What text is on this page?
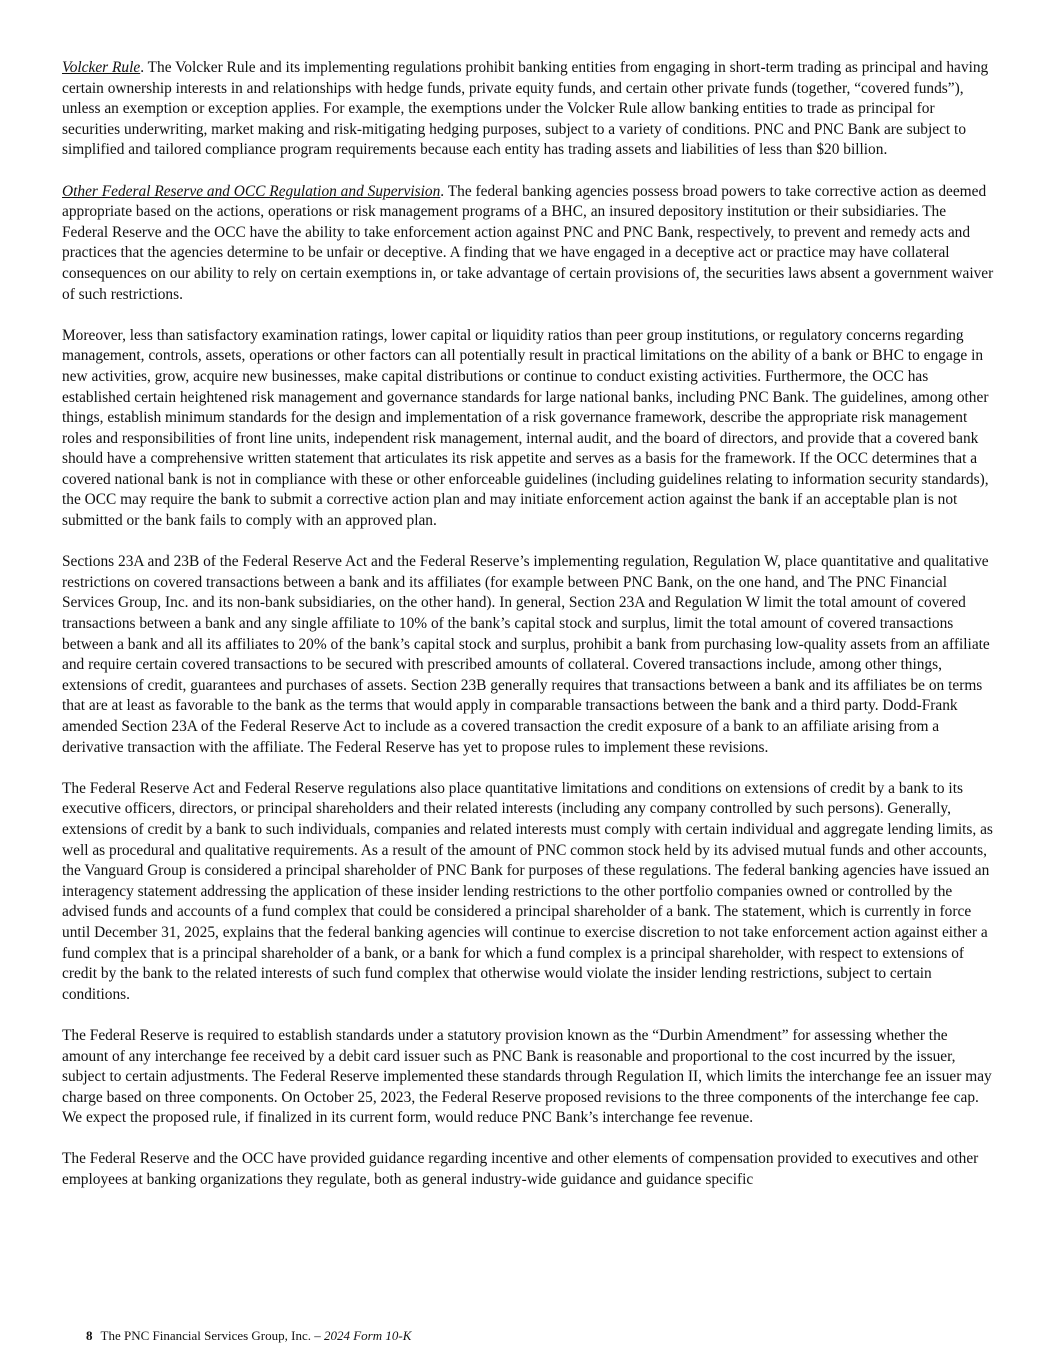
Volcker Rule. The Volcker Rule and its implementing regulations prohibit banking entities from engaging in short-term trading as principal and having certain ownership interests in and relationships with hedge funds, private equity funds, and certain other private funds (together, “covered funds”), unless an exemption or exception applies. For example, the exemptions under the Volcker Rule allow banking entities to trade as principal for securities underwriting, market making and risk-mitigating hedging purposes, subject to a variety of conditions. PNC and PNC Bank are subject to simplified and tailored compliance program requirements because each entity has trading assets and liabilities of less than $20 billion.

Other Federal Reserve and OCC Regulation and Supervision. The federal banking agencies possess broad powers to take corrective action as deemed appropriate based on the actions, operations or risk management programs of a BHC, an insured depository institution or their subsidiaries. The Federal Reserve and the OCC have the ability to take enforcement action against PNC and PNC Bank, respectively, to prevent and remedy acts and practices that the agencies determine to be unfair or deceptive. A finding that we have engaged in a deceptive act or practice may have collateral consequences on our ability to rely on certain exemptions in, or take advantage of certain provisions of, the securities laws absent a government waiver of such restrictions.

Moreover, less than satisfactory examination ratings, lower capital or liquidity ratios than peer group institutions, or regulatory concerns regarding management, controls, assets, operations or other factors can all potentially result in practical limitations on the ability of a bank or BHC to engage in new activities, grow, acquire new businesses, make capital distributions or continue to conduct existing activities. Furthermore, the OCC has established certain heightened risk management and governance standards for large national banks, including PNC Bank. The guidelines, among other things, establish minimum standards for the design and implementation of a risk governance framework, describe the appropriate risk management roles and responsibilities of front line units, independent risk management, internal audit, and the board of directors, and provide that a covered bank should have a comprehensive written statement that articulates its risk appetite and serves as a basis for the framework. If the OCC determines that a covered national bank is not in compliance with these or other enforceable guidelines (including guidelines relating to information security standards), the OCC may require the bank to submit a corrective action plan and may initiate enforcement action against the bank if an acceptable plan is not submitted or the bank fails to comply with an approved plan.

Sections 23A and 23B of the Federal Reserve Act and the Federal Reserve’s implementing regulation, Regulation W, place quantitative and qualitative restrictions on covered transactions between a bank and its affiliates (for example between PNC Bank, on the one hand, and The PNC Financial Services Group, Inc. and its non-bank subsidiaries, on the other hand). In general, Section 23A and Regulation W limit the total amount of covered transactions between a bank and any single affiliate to 10% of the bank’s capital stock and surplus, limit the total amount of covered transactions between a bank and all its affiliates to 20% of the bank’s capital stock and surplus, prohibit a bank from purchasing low-quality assets from an affiliate and require certain covered transactions to be secured with prescribed amounts of collateral. Covered transactions include, among other things, extensions of credit, guarantees and purchases of assets. Section 23B generally requires that transactions between a bank and its affiliates be on terms that are at least as favorable to the bank as the terms that would apply in comparable transactions between the bank and a third party. Dodd-Frank amended Section 23A of the Federal Reserve Act to include as a covered transaction the credit exposure of a bank to an affiliate arising from a derivative transaction with the affiliate. The Federal Reserve has yet to propose rules to implement these revisions.

The Federal Reserve Act and Federal Reserve regulations also place quantitative limitations and conditions on extensions of credit by a bank to its executive officers, directors, or principal shareholders and their related interests (including any company controlled by such persons). Generally, extensions of credit by a bank to such individuals, companies and related interests must comply with certain individual and aggregate lending limits, as well as procedural and qualitative requirements. As a result of the amount of PNC common stock held by its advised mutual funds and other accounts, the Vanguard Group is considered a principal shareholder of PNC Bank for purposes of these regulations. The federal banking agencies have issued an interagency statement addressing the application of these insider lending restrictions to the other portfolio companies owned or controlled by the advised funds and accounts of a fund complex that could be considered a principal shareholder of a bank. The statement, which is currently in force until December 31, 2025, explains that the federal banking agencies will continue to exercise discretion to not take enforcement action against either a fund complex that is a principal shareholder of a bank, or a bank for which a fund complex is a principal shareholder, with respect to extensions of credit by the bank to the related interests of such fund complex that otherwise would violate the insider lending restrictions, subject to certain conditions.

The Federal Reserve is required to establish standards under a statutory provision known as the “Durbin Amendment” for assessing whether the amount of any interchange fee received by a debit card issuer such as PNC Bank is reasonable and proportional to the cost incurred by the issuer, subject to certain adjustments. The Federal Reserve implemented these standards through Regulation II, which limits the interchange fee an issuer may charge based on three components. On October 25, 2023, the Federal Reserve proposed revisions to the three components of the interchange fee cap. We expect the proposed rule, if finalized in its current form, would reduce PNC Bank’s interchange fee revenue.

The Federal Reserve and the OCC have provided guidance regarding incentive and other elements of compensation provided to executives and other employees at banking organizations they regulate, both as general industry-wide guidance and guidance specific

8 The PNC Financial Services Group, Inc. – 2024 Form 10-K
